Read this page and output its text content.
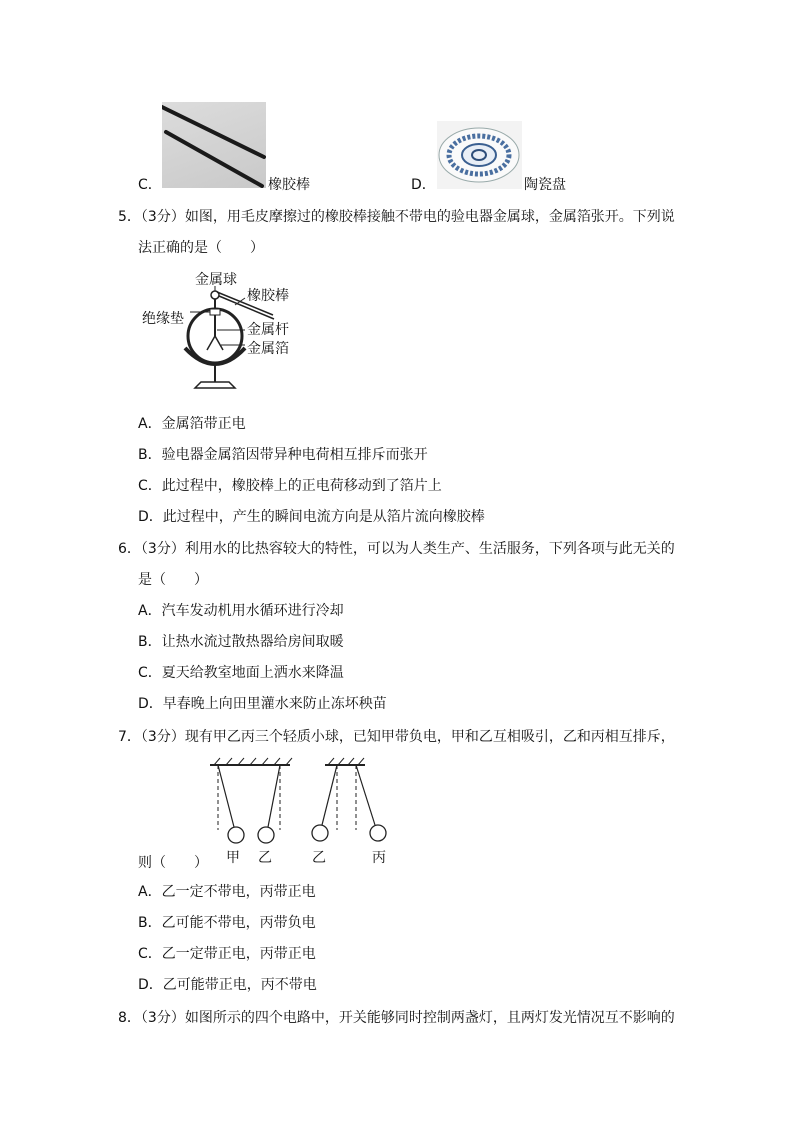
C．	橡胶棒	D．	陶瓷盘
5．（3分）如图，用毛皮摩擦过的橡胶棒接触不带电的验电器金属球，金属箔张开。下列说
法正确的是（　　）
金属球
橡胶棒
绝缘垫
金属杆
金属箔
A．金属箔带正电
B．验电器金属箔因带异种电荷相互排斥而张开
C．此过程中，橡胶棒上的正电荷移动到了箔片上
D．此过程中，产生的瞬间电流方向是从箔片流向橡胶棒
6．（3分）利用水的比热容较大的特性，可以为人类生产、生活服务，下列各项与此无关的
是（　　）
A．汽车发动机用水循环进行冷却
B．让热水流过散热器给房间取暖
C．夏天给教室地面上洒水来降温
D．早春晚上向田里灌水来防止冻坏秧苗
7．（3分）现有甲乙丙三个轻质小球，已知甲带负电，甲和乙互相吸引，乙和丙相互排斥，
甲 乙	乙	丙
则（　　）
A．乙一定不带电，丙带正电
B．乙可能不带电，丙带负电
C．乙一定带正电，丙带正电
D．乙可能带正电，丙不带电
8．（3分）如图所示的四个电路中，开关能够同时控制两盏灯，且两灯发光情况互不影响的
